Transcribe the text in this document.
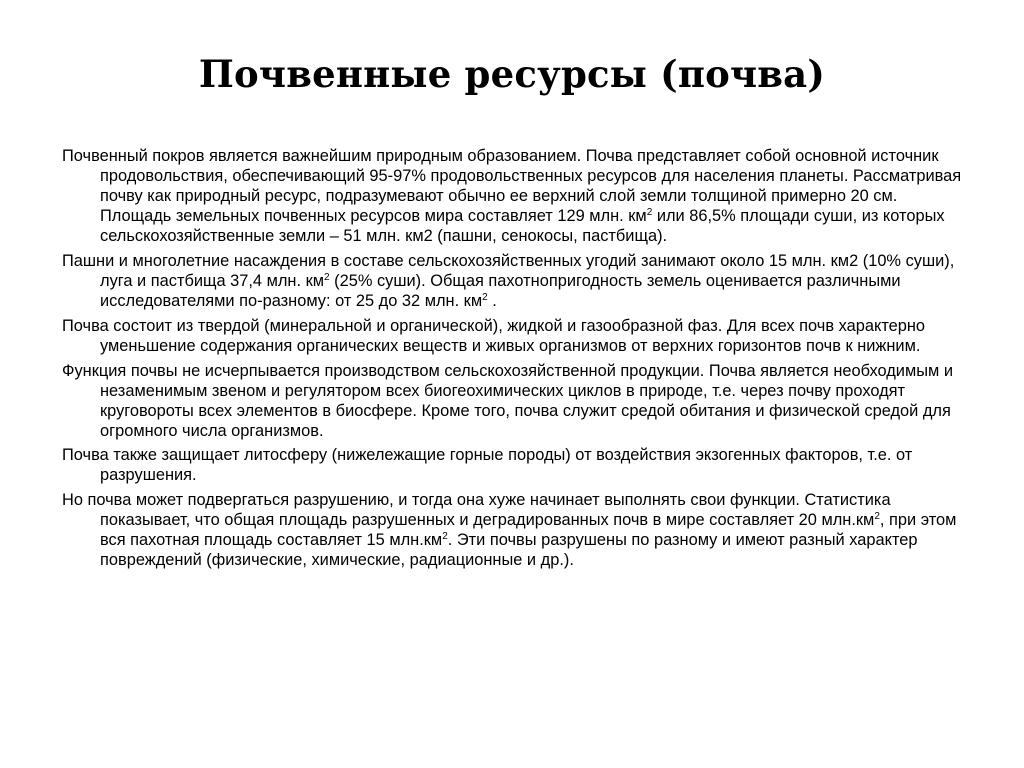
Почвенные ресурсы (почва)

Почвенный покров является важнейшим природным образованием. Почва представляет собой основной источник продовольствия, обеспечивающий 95-97% продовольственных ресурсов для населения планеты. Рассматривая почву как природный ресурс, подразумевают обычно ее верхний слой земли толщиной примерно 20 см. Площадь земельных почвенных ресурсов мира составляет 129 млн. $км^2$ или 86,5% площади суши, из которых сельскохозяйственные земли – 51 млн. км2 (пашни, сенокосы, пастбища).

Пашни и многолетние насаждения в составе сельскохозяйственных угодий занимают около 15 млн. км2 (10% суши), луга и пастбища 37,4 млн. $км^2$ (25% суши). Общая пахотнопригодность земель оценивается различными исследователями по-разному: от 25 до 32 млн. $км^2$ .

Почва состоит из твердой (минеральной и органической), жидкой и газообразной фаз. Для всех почв характерно уменьшение содержания органических веществ и живых организмов от верхних горизонтов почв к нижним.

Функция почвы не исчерпывается производством сельскохозяйственной продукции. Почва является необходимым и незаменимым звеном и регулятором всех биогеохимических циклов в природе, т.е. через почву проходят круговороты всех элементов в биосфере. Кроме того, почва служит средой обитания и физической средой для огромного числа организмов.

Почва также защищает литосферу (нижележащие горные породы) от воздействия экзогенных факторов, т.е. от разрушения.

Но почва может подвергаться разрушению, и тогда она хуже начинает выполнять свои функции. Статистика показывает, что общая площадь разрушенных и деградированных почв в мире составляет 20 $млн.км^2$, при этом вся пахотная площадь составляет 15 $млн.км^2$. Эти почвы разрушены по разному и имеют разный характер повреждений (физические, химические, радиационные и др.).
